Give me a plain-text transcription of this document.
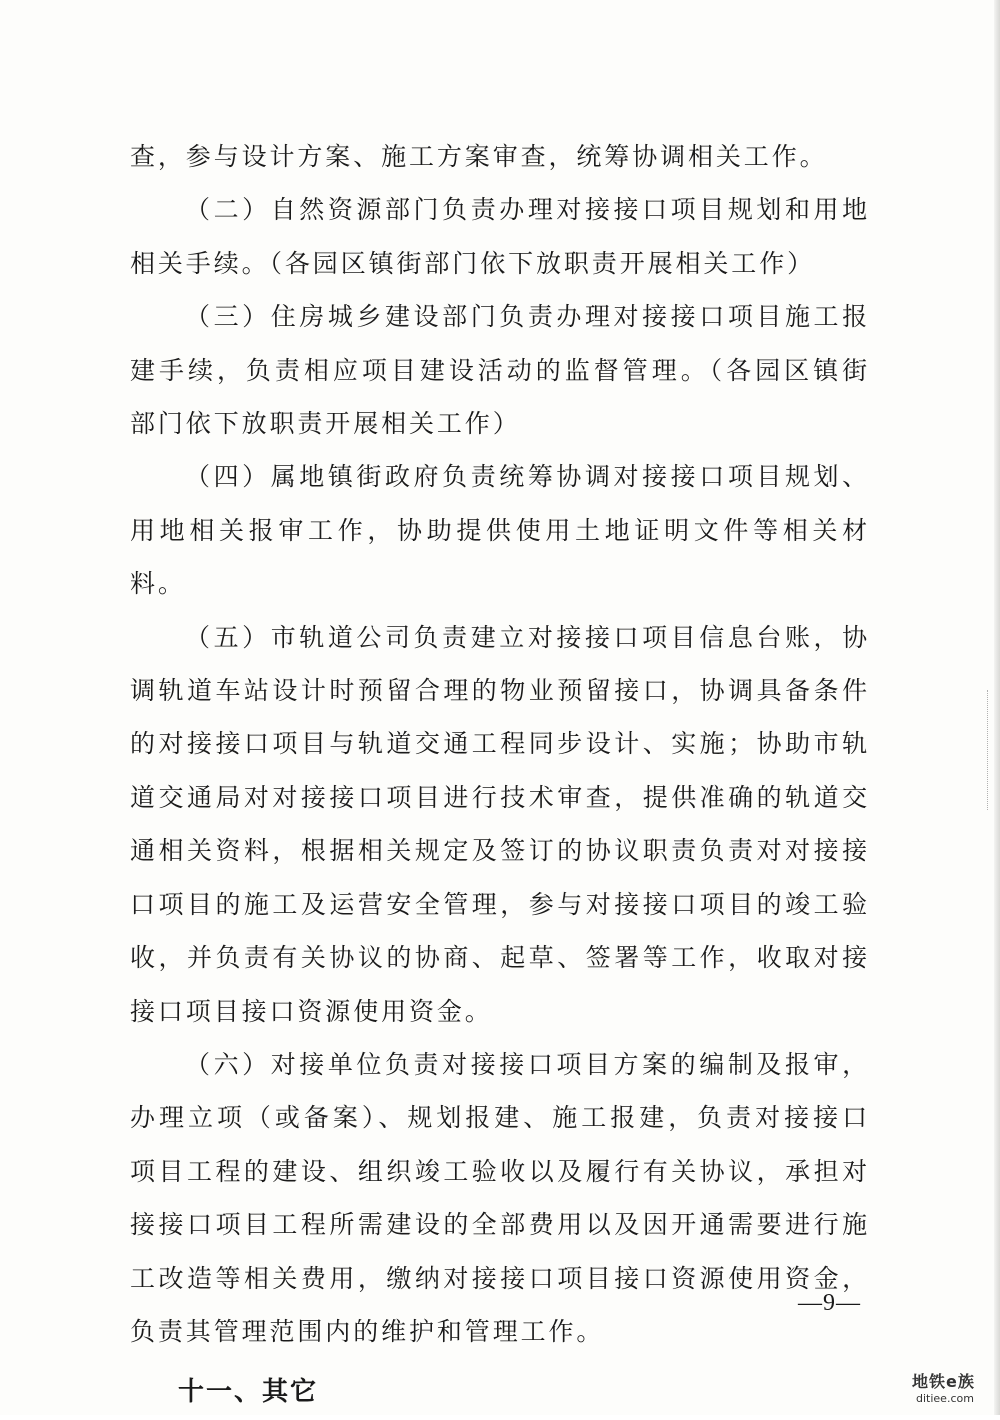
查，参与设计方案、施工方案审查，统筹协调相关工作。

（二）自然资源部门负责办理对接接口项目规划和用地相关手续。（各园区镇街部门依下放职责开展相关工作）

（三）住房城乡建设部门负责办理对接接口项目施工报建手续，负责相应项目建设活动的监督管理。（各园区镇街部门依下放职责开展相关工作）

（四）属地镇街政府负责统筹协调对接接口项目规划、用地相关报审工作，协助提供使用土地证明文件等相关材料。

（五）市轨道公司负责建立对接接口项目信息台账，协调轨道车站设计时预留合理的物业预留接口，协调具备条件的对接接口项目与轨道交通工程同步设计、实施；协助市轨道交通局对对接接口项目进行技术审查，提供准确的轨道交通相关资料，根据相关规定及签订的协议职责负责对对接接口项目的施工及运营安全管理，参与对接接口项目的竣工验收，并负责有关协议的协商、起草、签署等工作，收取对接接口项目接口资源使用资金。

（六）对接单位负责对接接口项目方案的编制及报审，办理立项（或备案）、规划报建、施工报建，负责对接接口项目工程的建设、组织竣工验收以及履行有关协议，承担对接接口项目工程所需建设的全部费用以及因开通需要进行施工改造等相关费用，缴纳对接接口项目接口资源使用资金，负责其管理范围内的维护和管理工作。

十一、其它

—9—
地铁e族
ditiee.com
